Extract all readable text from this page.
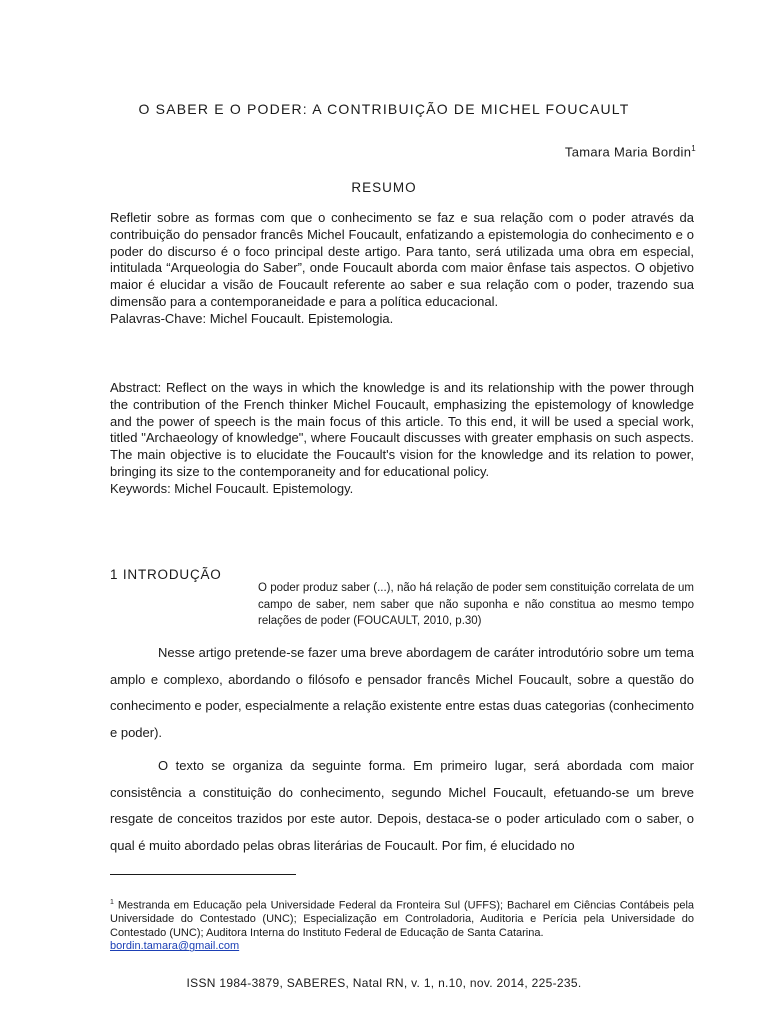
O SABER E O PODER: A CONTRIBUIÇÃO DE MICHEL FOUCAULT
Tamara Maria Bordin$^1$
RESUMO

Refletir sobre as formas com que o conhecimento se faz e sua relação com o poder através da contribuição do pensador francês Michel Foucault, enfatizando a epistemologia do conhecimento e o poder do discurso é o foco principal deste artigo. Para tanto, será utilizada uma obra em especial, intitulada “Arqueologia do Saber”, onde Foucault aborda com maior ênfase tais aspectos. O objetivo maior é elucidar a visão de Foucault referente ao saber e sua relação com o poder, trazendo sua dimensão para a contemporaneidade e para a política educacional.

Palavras-Chave: Michel Foucault. Epistemologia.

Abstract: Reflect on the ways in which the knowledge is and its relationship with the power through the contribution of the French thinker Michel Foucault, emphasizing the epistemology of knowledge and the power of speech is the main focus of this article. To this end, it will be used a special work, titled "Archaeology of knowledge", where Foucault discusses with greater emphasis on such aspects. The main objective is to elucidate the Foucault's vision for the knowledge and its relation to power, bringing its size to the contemporaneity and for educational policy.

Keywords: Michel Foucault. Epistemology.

1 INTRODUÇÃO
O poder produz saber (...), não há relação de poder sem constituição correlata de um campo de saber, nem saber que não suponha e não constitua ao mesmo tempo relações de poder (FOUCAULT, 2010, p.30)

Nesse artigo pretende-se fazer uma breve abordagem de caráter introdutório sobre um tema amplo e complexo, abordando o filósofo e pensador francês Michel Foucault, sobre a questão do conhecimento e poder, especialmente a relação existente entre estas duas categorias (conhecimento e poder).

O texto se organiza da seguinte forma. Em primeiro lugar, será abordada com maior consistência a constituição do conhecimento, segundo Michel Foucault, efetuando-se um breve resgate de conceitos trazidos por este autor. Depois, destaca-se o poder articulado com o saber, o qual é muito abordado pelas obras literárias de Foucault. Por fim, é elucidado no

$^1$ Mestranda em Educação pela Universidade Federal da Fronteira Sul (UFFS); Bacharel em Ciências Contábeis pela Universidade do Contestado (UNC); Especialização em Controladoria, Auditoria e Perícia pela Universidade do Contestado (UNC); Auditora Interna do Instituto Federal de Educação de Santa Catarina.
bordin.tamara@gmail.com
ISSN 1984-3879, SABERES, Natal RN, v. 1, n.10, nov. 2014, 225-235.
